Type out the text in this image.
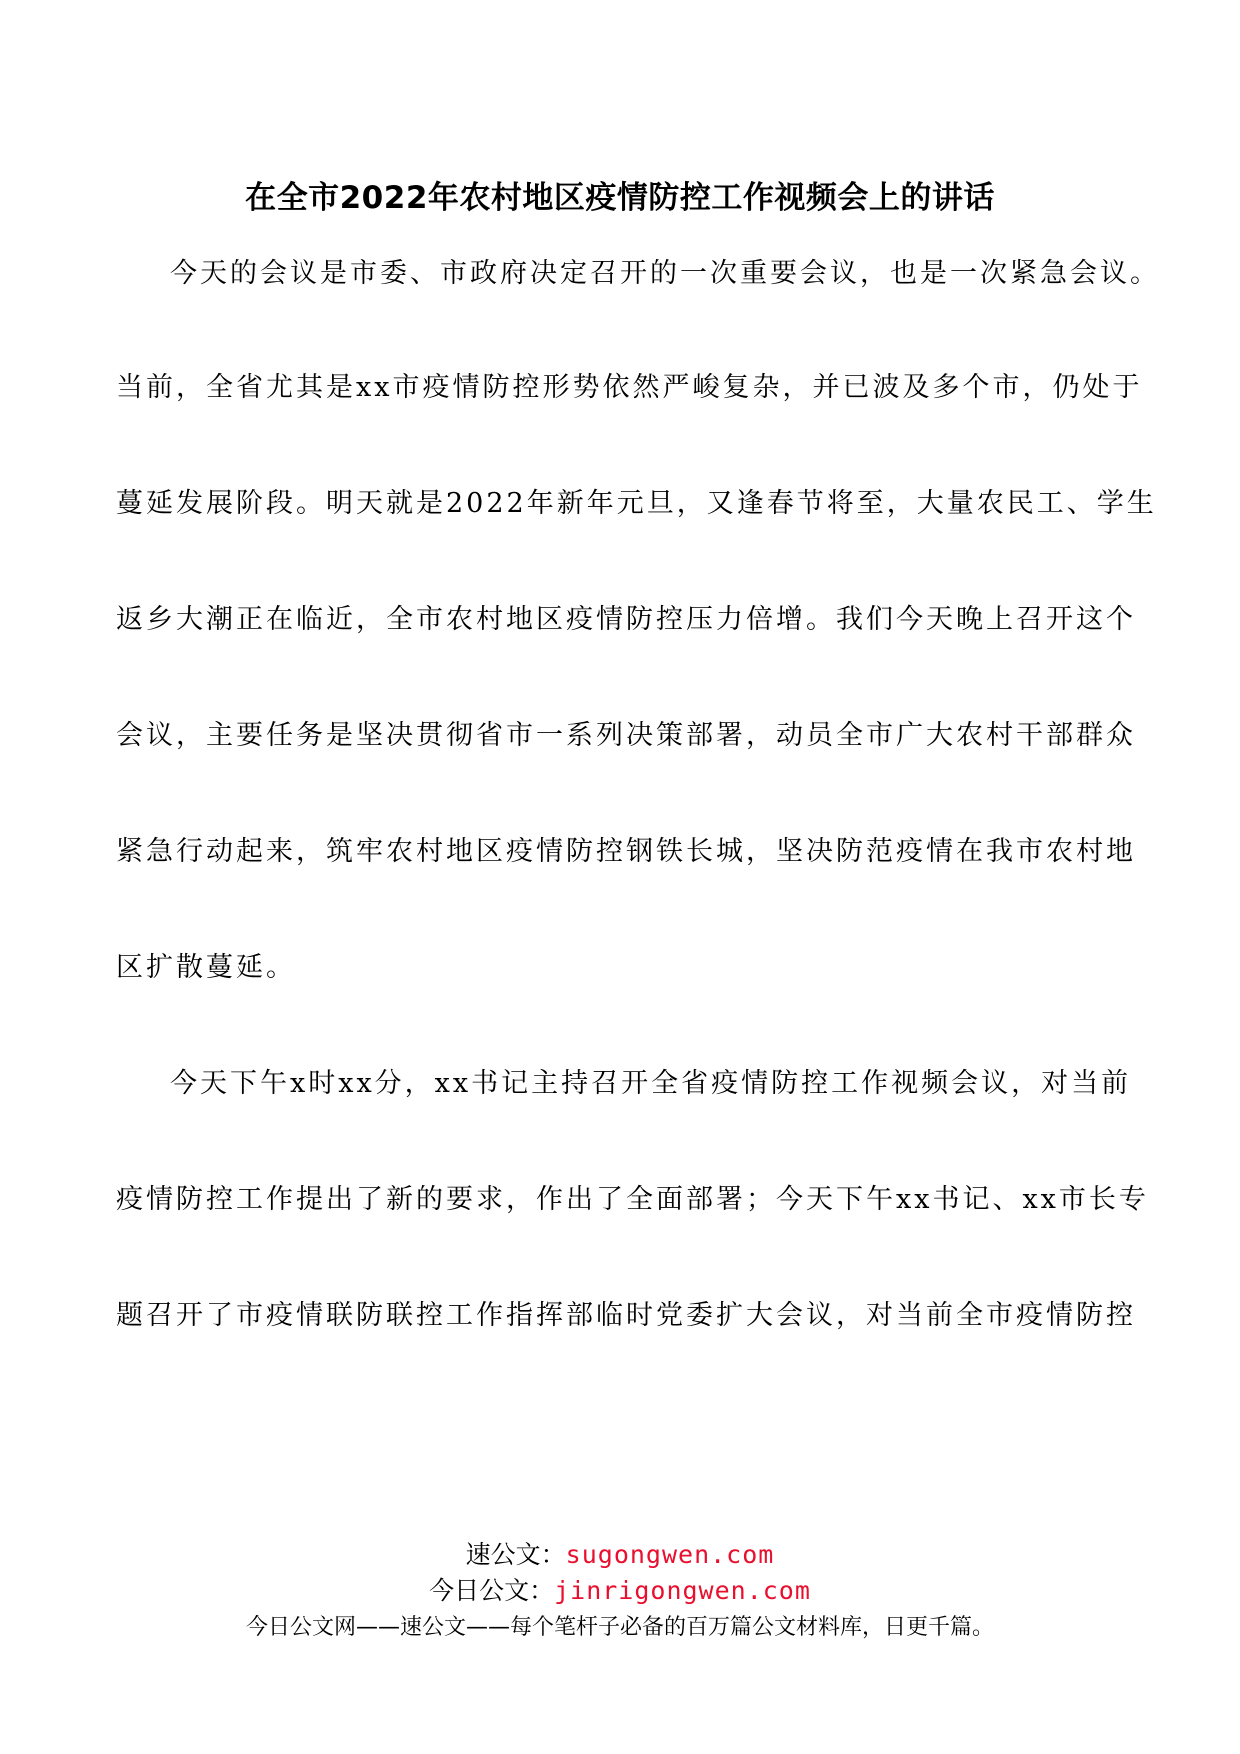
在全市2022年农村地区疫情防控工作视频会上的讲话
今天的会议是市委、市政府决定召开的一次重要会议，也是一次紧急会议。
当前，全省尤其是xx市疫情防控形势依然严峻复杂，并已波及多个市，仍处于
蔓延发展阶段。明天就是2022年新年元旦，又逢春节将至，大量农民工、学生
返乡大潮正在临近，全市农村地区疫情防控压力倍增。我们今天晚上召开这个
会议，主要任务是坚决贯彻省市一系列决策部署，动员全市广大农村干部群众
紧急行动起来，筑牢农村地区疫情防控钢铁长城，坚决防范疫情在我市农村地
区扩散蔓延。
今天下午x时xx分，xx书记主持召开全省疫情防控工作视频会议，对当前
疫情防控工作提出了新的要求，作出了全面部署；今天下午xx书记、xx市长专
题召开了市疫情联防联控工作指挥部临时党委扩大会议，对当前全市疫情防控
速公文：sugongwen.com
今日公文：jinrigongwen.com
今日公文网——速公文——每个笔杆子必备的百万篇公文材料库，日更千篇。
